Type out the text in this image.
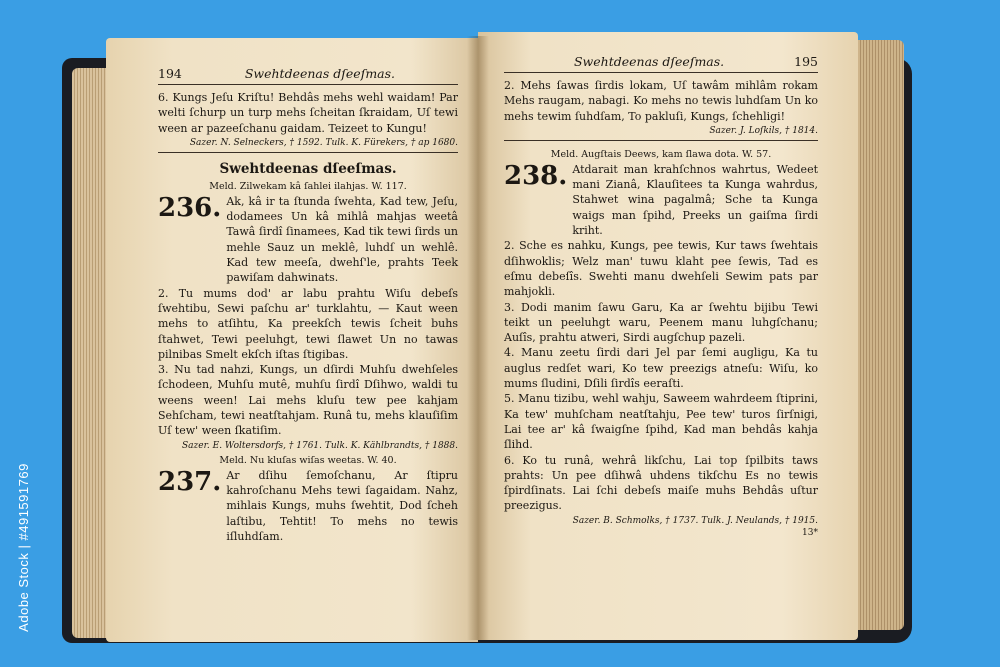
Adobe Stock | #491591769
194	Swehtdeenas dſeeſmas.

6. Kungs Jeſu Kriſtu! Behdâs mehs wehl waidam! Par welti ſchurp un turp mehs ſcheitan ſkraidam, Uſ tewi ween ar pazeeſchanu gaidam. Teizeet to Kungu!

Sazer. N. Selneckers, † 1592. Tulk. K. Fürekers, † ap 1680.

Swehtdeenas dſeeſmas.
Meld. Zilwekam kâ ſahlei ilahjas. W. 117.
236. Ak, kâ ir ta ſtunda ſwehta, Kad tew, Jeſu, dodamees Un kâ mihlâ mahjas weetâ Tawâ ſirdî ſinamees, Kad tik tewi ſirds un mehle Sauz un meklê, luhdſ un wehlê. Kad tew meeſa, dwehſ'le, prahts Teek pawiſam dahwinats.

2. Tu mums dod' ar labu prahtu Wiſu debeſs ſwehtibu, Sewi paſchu ar' turklahtu, — Kaut ween mehs to atſihtu, Ka preekſch tewis ſcheit buhs ſtahwet, Tewi peeluhgt, tewi ſlawet Un no tawas pilnibas Smelt ekſch iſtas ſtigibas.

3. Nu tad nahzi, Kungs, un dſirdi Muhſu dwehſeles ſchodeen, Muhſu mutê, muhſu ſirdî Dſihwo, waldi tu weens ween! Lai mehs kluſu tew pee kahjam Sehſcham, tewi neatſtahjam. Runâ tu, mehs klauſiſim Uſ tew' ween ſkatiſim.

Sazer. E. Woltersdorfs, † 1761. Tulk. K. Kählbrandts, † 1888.

Meld. Nu kluſas wiſas weetas. W. 40.
237. Ar dſihu ſemoſchanu, Ar ſtipru kahroſchanu Mehs tewi ſagaidam. Nahz, mihlais Kungs, muhs ſwehtit, Dod ſcheh laſtibu, Tehtit! To mehs no tewis iſluhdſam.

Swehtdeenas dſeeſmas.	195

2. Mehs ſawas ſirdis lokam, Uſ tawâm mihlâm rokam Mehs raugam, nabagi. Ko mehs no tewis luhdſam Un ko mehs tewim ſuhdſam, To pakluſi, Kungs, ſchehligi!

Sazer. J. Loſkils, † 1814.

Meld. Augſtais Deews, kam ſlawa dota. W. 57.
238. Atdarait man krahſchnos wahrtus, Wedeet mani Zianâ, Klauſitees ta Kunga wahrdus, Stahwet wina pagalmâ; Sche ta Kunga waigs man ſpihd, Preeks un gaiſma ſirdi kriht.

2. Sche es nahku, Kungs, pee tewis, Kur taws ſwehtais dſihwoklis; Welz man' tuwu klaht pee ſewis, Tad es eſmu debeſîs. Swehti manu dwehſeli Sewim pats par mahjokli.

3. Dodi manim ſawu Garu, Ka ar ſwehtu bijibu Tewi teikt un peeluhgt waru, Peenem manu luhgſchanu; Auſîs, prahtu atweri, Sirdi augſchup pazeli.

4. Manu zeetu ſirdi dari Jel par ſemi augligu, Ka tu auglus redſet wari, Ko tew preezigs atneſu: Wiſu, ko mums ſludini, Dſili ſirdîs eeraſti.

5. Manu tizibu, wehl wahju, Saweem wahrdeem ſtiprini, Ka tew' muhſcham neatſtahju, Pee tew' turos ſirſnigi, Lai tee ar' kâ ſwaigſne ſpihd, Kad man behdâs kahja ſlihd.

6. Ko tu runâ, wehrâ likſchu, Lai top ſpilbits taws prahts: Un pee dſihwâ uhdens tikſchu Es no tewis ſpirdſinats. Lai ſchi debeſs maiſe muhs Behdâs uſtur preezigus.

Sazer. B. Schmolks, † 1737. Tulk. J. Neulands, † 1915.

13*
